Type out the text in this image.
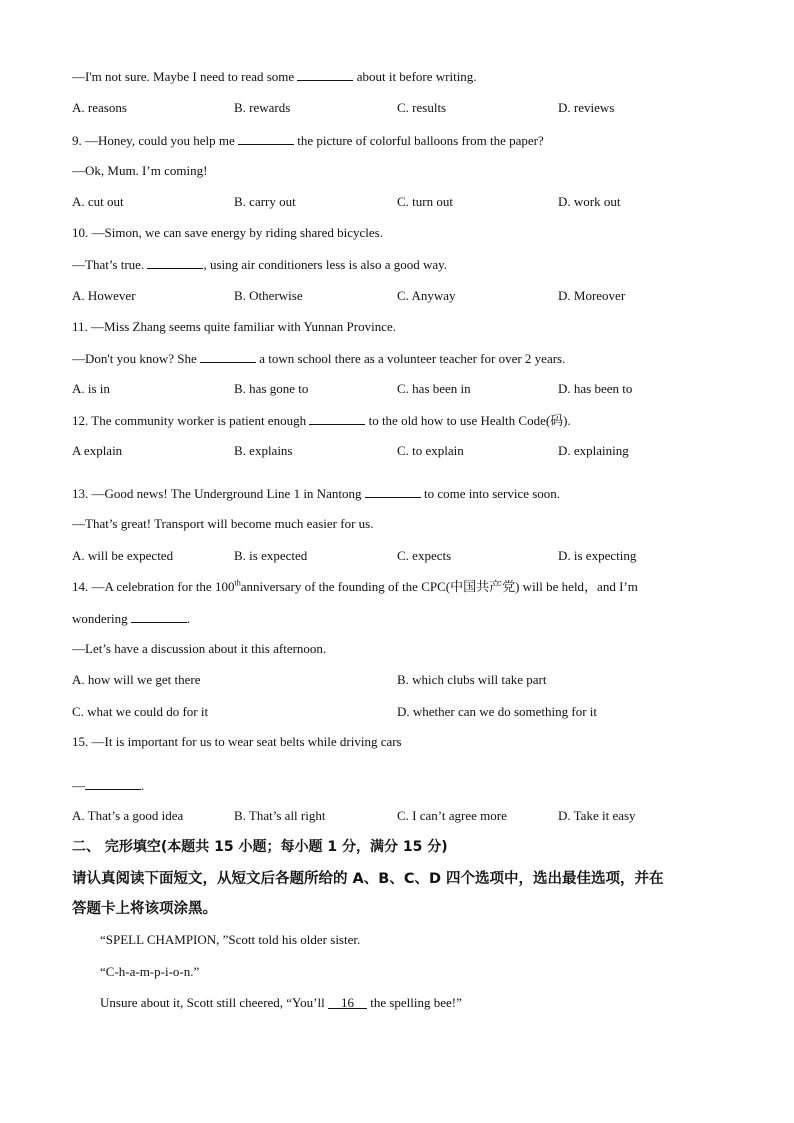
—I'm not sure. Maybe I need to read some	about it before writing.
A. reasons	B. rewards	C. results	D. reviews
9. —Honey, could you help me	the picture of colorful balloons from the paper?
—Ok, Mum. I’m coming!
A. cut out	B. carry out	C. turn out	D. work out
10. —Simon, we can save energy by riding shared bicycles.
—That’s true.	, using air conditioners less is also a good way.
A. However	B. Otherwise	C. Anyway	D. Moreover
11. —Miss Zhang seems quite familiar with Yunnan Province.
—Don't you know? She	a town school there as a volunteer teacher for over 2 years.
A. is in	B. has gone to	C. has been in	D. has been to
12. The community worker is patient enough	to the old how to use Health Code(码).
A explain	B. explains	C. to explain	D. explaining
13. —Good news! The Underground Line 1 in Nantong	to come into service soon.
—That’s great! Transport will become much easier for us.
A. will be expected	B. is expected	C. expects	D. is expecting
14. —A celebration for the 100thanniversary of the founding of the CPC(中国共产党) will be held，and I’m
wondering	.
—Let’s have a discussion about it this afternoon.
A. how will we get there	B. which clubs will take part
C. what we could do for it	D. whether can we do something for it
15. —It is important for us to wear seat belts while driving cars
—	.
A. That’s a good idea	B. That’s all right	C. I can’t agree more	D. Take it easy
二、 完形填空(本题共 15 小题；每小题 1 分，满分 15 分)
请认真阅读下面短文，从短文后各题所给的 A、B、C、D 四个选项中，选出最佳选项，并在
答题卡上将该项涂黑。
“SPELL CHAMPION, ”Scott told his older sister.
“C-h-a-m-p-i-o-n.”
Unsure about it, Scott still cheered, “You’ll     16     the spelling bee!”
